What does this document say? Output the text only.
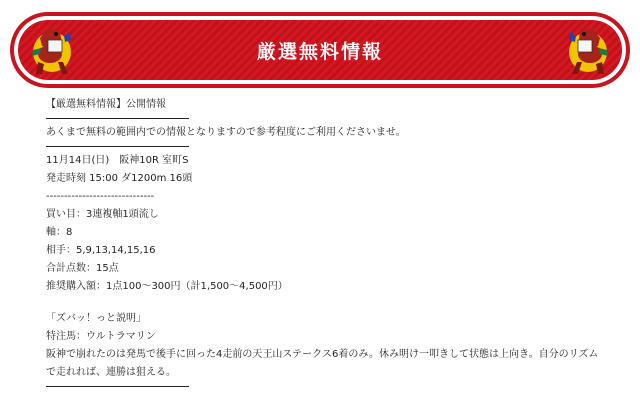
厳選無料情報
【厳選無料情報】公開情報
あくまで無料の範囲内での情報となりますので参考程度にご利用くださいませ。
11月14日(日)　阪神10R 室町S
発走時刻 15:00 ダ1200m 16頭
------------------------------
買い目：3連複軸1頭流し
軸：8
相手：5,9,13,14,15,16
合計点数：15点
推奨購入額：1点100〜300円（計1,500〜4,500円）
「ズバッ！っと説明」
特注馬：ウルトラマリン
阪神で崩れたのは発馬で後手に回った4走前の天王山ステークス6着のみ。休み明け一叩きして状態は上向き。自分のリズムで走れれば、連勝は狙える。
